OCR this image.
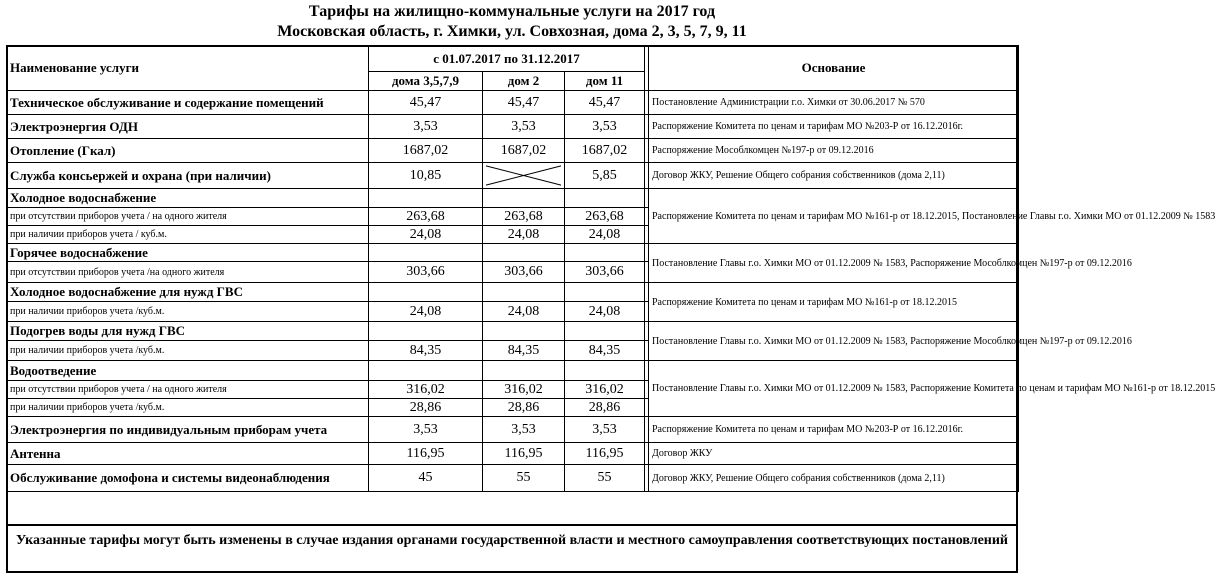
Тарифы на жилищно-коммунальные услуги на 2017 год
Московская область, г. Химки, ул. Совхозная, дома 2, 3, 5, 7, 9, 11
Наименование услуги	с 01.07.2017 по 31.12.2017				Основание
	дома 3,5,7,9	дом 2	дом 11		
Техническое обслуживание и содержание помещений	45,47	45,47	45,47		Постановление Администрации г.о. Химки от 30.06.2017 № 570
Электроэнергия ОДН	3,53	3,53	3,53		Распоряжение Комитета по ценам и тарифам МО №203-Р от 16.12.2016г.
Отопление (Гкал)	1687,02	1687,02	1687,02		Распоряжение Мособлкомцен №197-р от 09.12.2016
Служба консьержей и охрана (при наличии)	10,85		5,85		Договор ЖКУ, Решение Общего собрания собственников (дома 2,11)
Холодное водоснабжение					Распоряжение Комитета по ценам и тарифам МО №161-р от 18.12.2015, Постановление Главы г.о. Химки МО от 01.12.2009 № 1583
при отсутствии приборов учета / на одного жителя	263,68	263,68	263,68		
при наличии приборов учета / куб.м.	24,08	24,08	24,08		
Горячее водоснабжение					Постановление Главы г.о. Химки МО от 01.12.2009 № 1583, Распоряжение Мособлкомцен №197-р от 09.12.2016
при отсутствии приборов учета /на одного жителя	303,66	303,66	303,66		
Холодное водоснабжение для нужд ГВС					Распоряжение Комитета по ценам и тарифам МО №161-р от 18.12.2015
при наличии приборов учета /куб.м.	24,08	24,08	24,08		
Подогрев воды для нужд ГВС					Постановление Главы г.о. Химки МО от 01.12.2009 № 1583, Распоряжение Мособлкомцен №197-р от 09.12.2016
при наличии приборов учета /куб.м.	84,35	84,35	84,35		
Водоотведение					Постановление Главы г.о. Химки МО от 01.12.2009 № 1583, Распоряжение Комитета по ценам и тарифам МО №161-р от 18.12.2015
при отсутствии приборов учета / на одного жителя	316,02	316,02	316,02		
при наличии приборов учета /куб.м.	28,86	28,86	28,86		
Электроэнергия по индивидуальным приборам учета	3,53	3,53	3,53		Распоряжение Комитета по ценам и тарифам МО №203-Р от 16.12.2016г.
Антенна	116,95	116,95	116,95		Договор ЖКУ
Обслуживание домофона и системы видеонаблюдения	45	55	55		Договор ЖКУ, Решение Общего собрания собственников (дома 2,11)
Указанные тарифы могут быть изменены в случае издания органами государственной власти и местного самоуправления соответствующих постановлений
